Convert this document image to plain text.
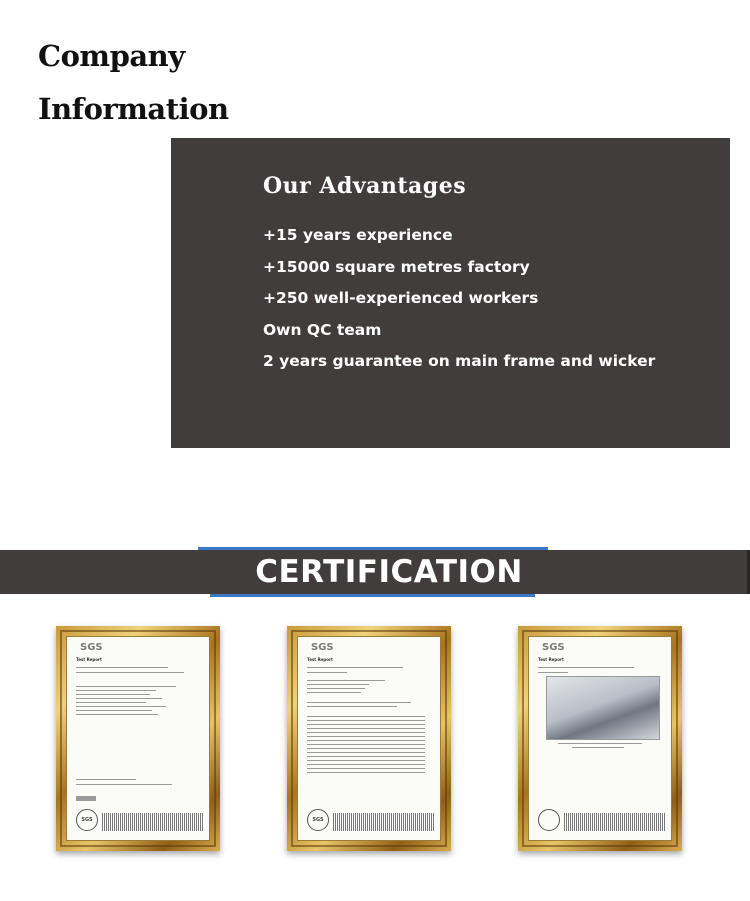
Company
Information
Our Advantages
+15 years experience
+15000 square metres factory
+250 well-experienced workers
Own QC team
2 years guarantee on main frame and wicker
CERTIFICATION
SGS
Test Report
SGS
SGS
Test Report
SGS
SGS
Test Report
